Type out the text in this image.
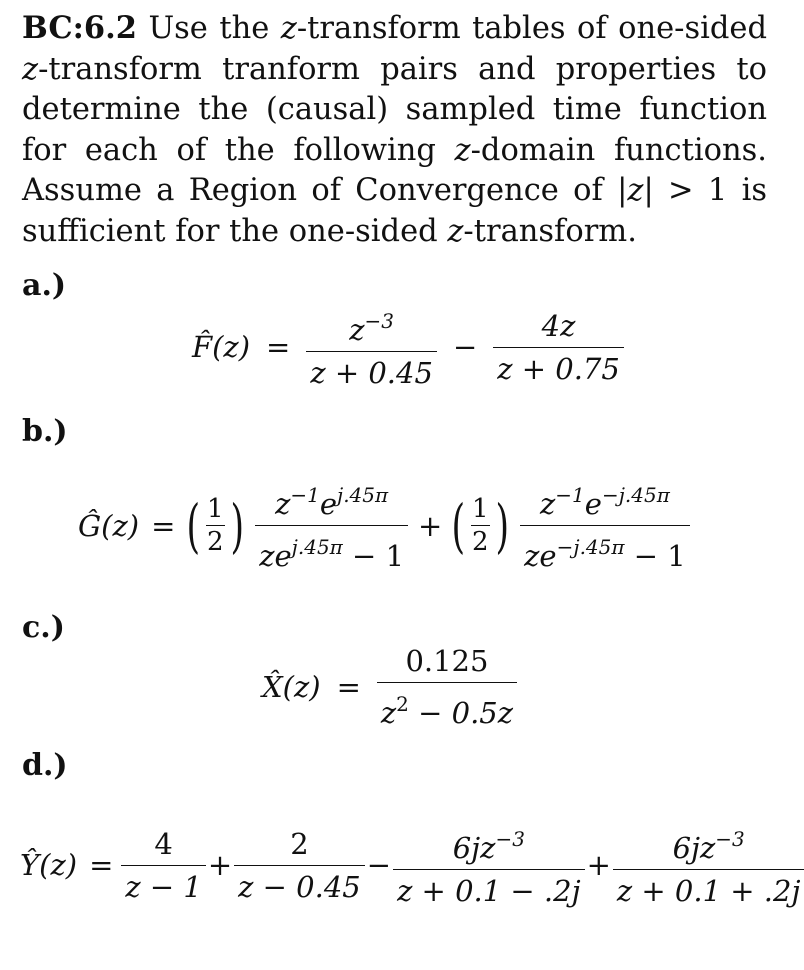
BC:6.2 Use the z-transform tables of one-sided z-transform tranform pairs and properties to determine the (causal) sampled time function for each of the following z-domain functions. Assume a Region of Convergence of |z| > 1 is sufficient for the one-sided z-transform.
a.)
F̂(z) = $\frac{z^{-3}}{z + 0.45} - \frac{4z}{z + 0.75}$
b.)
Ĝ(z) = ( $\frac{1}{2}$ ) $\frac{z^{-1}e^{j.45\pi}}{ze^{j.45\pi} - 1}$ + ( $\frac{1}{2}$ ) $\frac{z^{-1}e^{-j.45\pi}}{ze^{-j.45\pi} - 1}$
c.)
X̂(z) = $\frac{0.125}{z^2 - 0.5z}$
d.)
Ŷ(z) = $\frac{4}{z - 1} + \frac{2}{z - 0.45} - \frac{6jz^{-3}}{z + 0.1 - .2j} + \frac{6jz^{-3}}{z + 0.1 + .2j}$
